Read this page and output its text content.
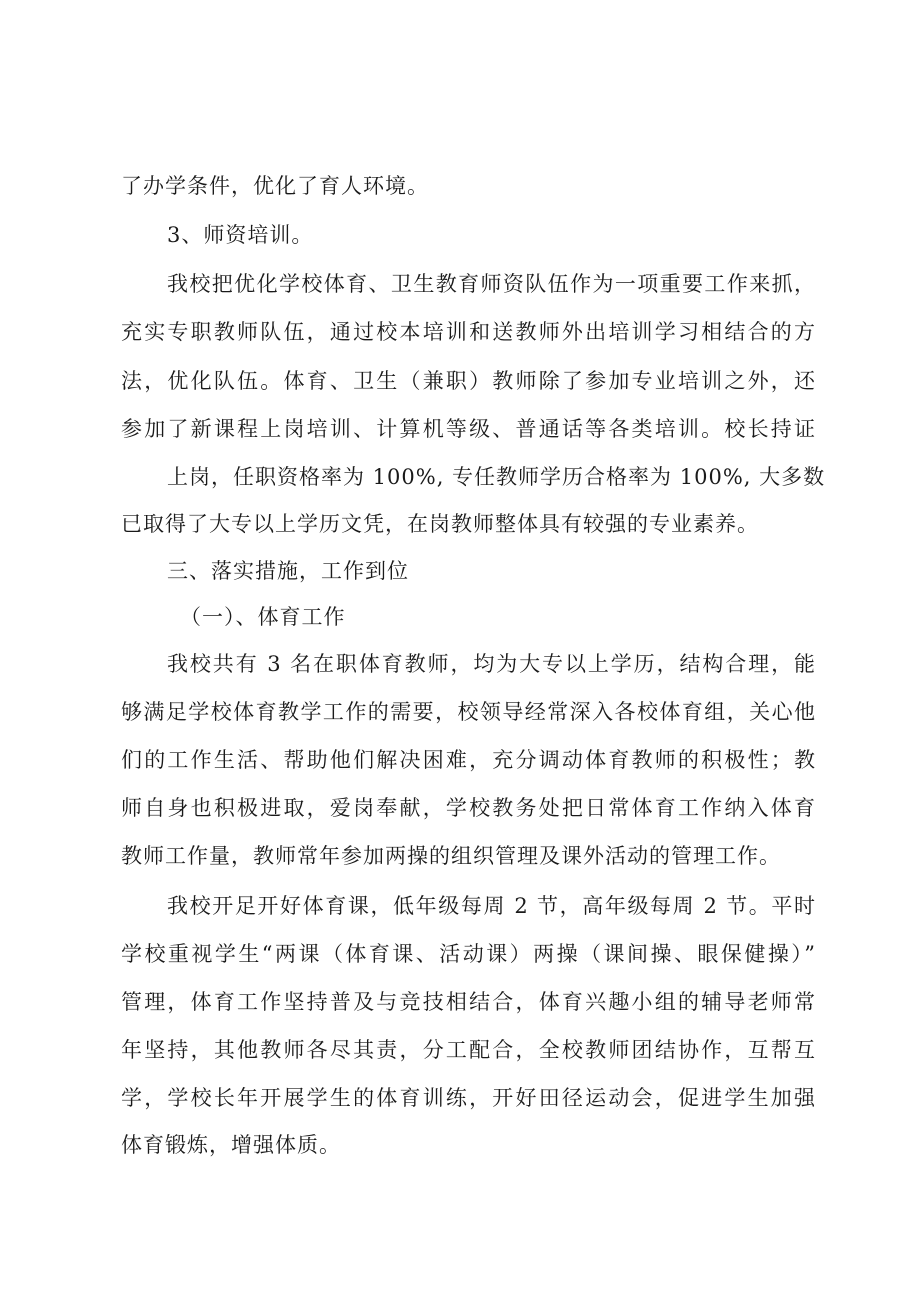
了办学条件，优化了育人环境。
3、师资培训。
我校把优化学校体育、卫生教育师资队伍作为一项重要工作来抓，
充实专职教师队伍，通过校本培训和送教师外出培训学习相结合的方
法，优化队伍。体育、卫生（兼职）教师除了参加专业培训之外，还
参加了新课程上岗培训、计算机等级、普通话等各类培训。校长持证
上岗，任职资格率为 100%, 专任教师学历合格率为 100%, 大多数
已取得了大专以上学历文凭，在岗教师整体具有较强的专业素养。
三、落实措施，工作到位
（一）、体育工作
我校共有 3 名在职体育教师，均为大专以上学历，结构合理，能
够满足学校体育教学工作的需要，校领导经常深入各校体育组，关心他
们的工作生活、帮助他们解决困难，充分调动体育教师的积极性；教
师自身也积极进取，爱岗奉献，学校教务处把日常体育工作纳入体育
教师工作量，教师常年参加两操的组织管理及课外活动的管理工作。
我校开足开好体育课，低年级每周 2 节，高年级每周 2 节。平时
学校重视学生“两课（体育课、活动课）两操（课间操、眼保健操）”
管理，体育工作坚持普及与竞技相结合，体育兴趣小组的辅导老师常
年坚持，其他教师各尽其责，分工配合，全校教师团结协作，互帮互
学，学校长年开展学生的体育训练，开好田径运动会，促进学生加强
体育锻炼，增强体质。
